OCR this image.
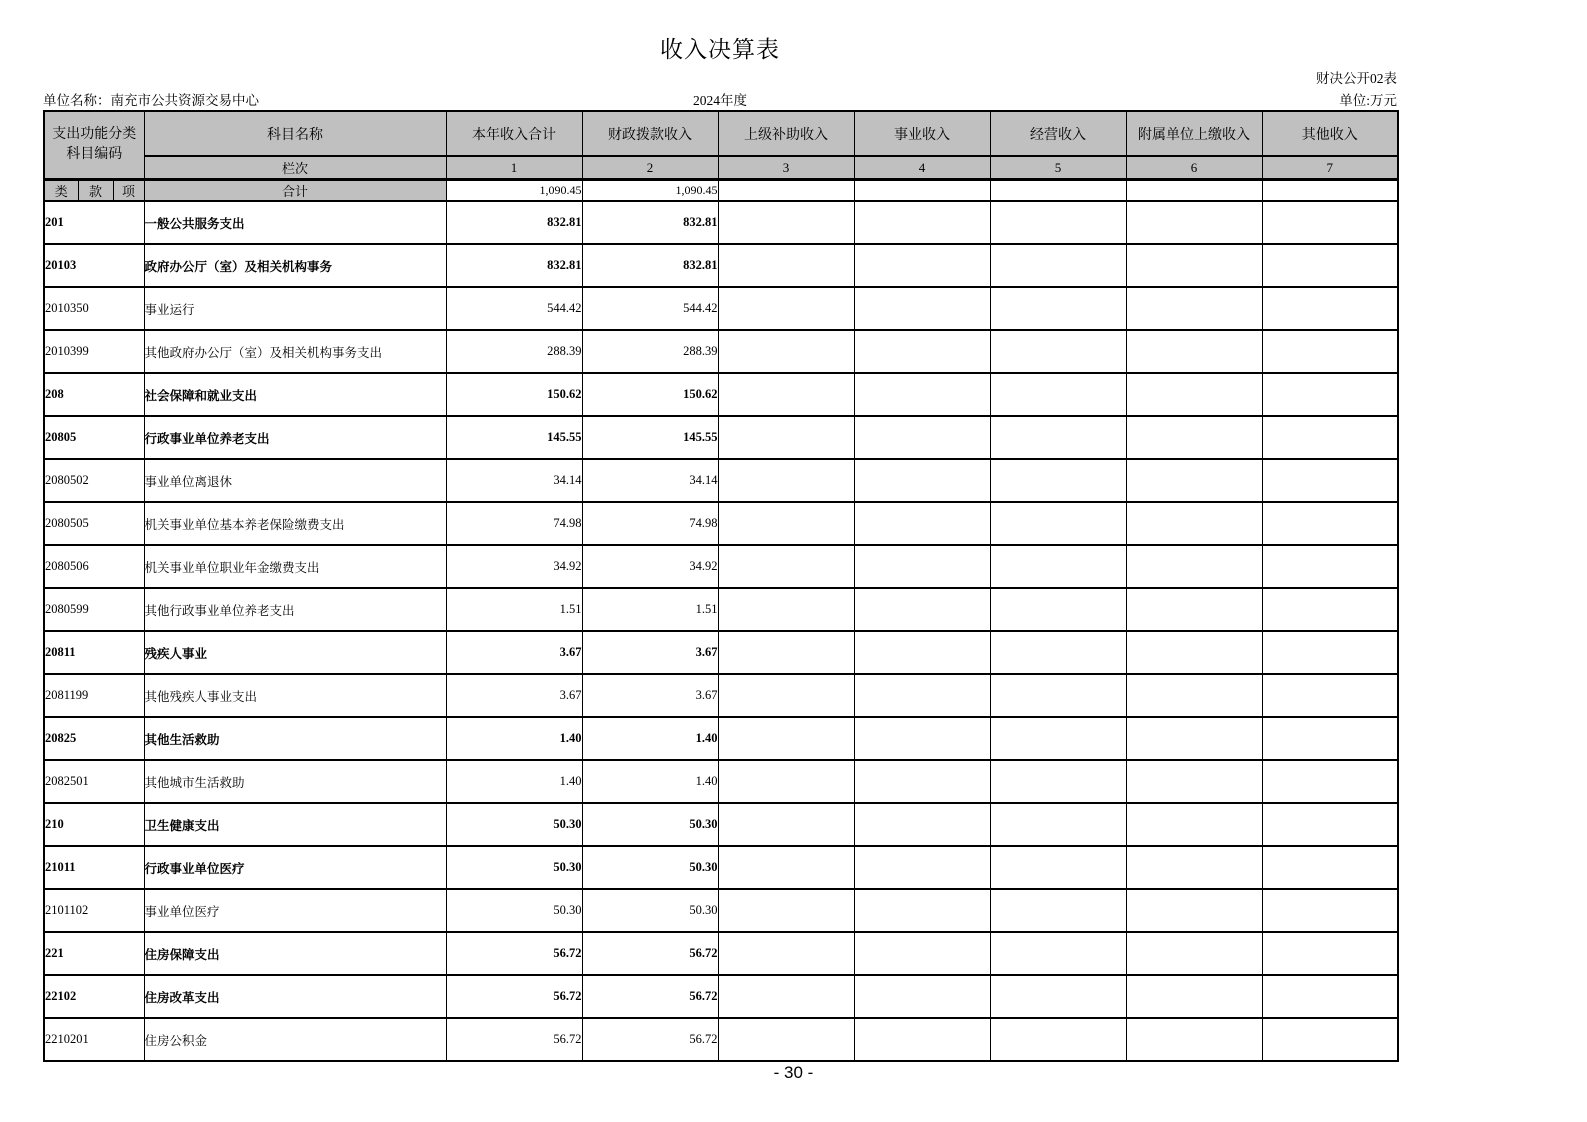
收入决算表
财决公开02表
单位名称：南充市公共资源交易中心	2024年度	单位:万元
支出功能分类
科目编码			科目名称	本年收入合计	财政拨款收入	上级补助收入	事业收入	经营收入	附属单位上缴收入	其他收入
			栏次	1	2	3	4	5	6	7
类	款	项	合计	1,090.45	1,090.45					
201			一般公共服务支出	832.81	832.81					
20103			政府办公厅（室）及相关机构事务	832.81	832.81					
2010350			事业运行	544.42	544.42					
2010399			其他政府办公厅（室）及相关机构事务支出	288.39	288.39					
208			社会保障和就业支出	150.62	150.62					
20805			行政事业单位养老支出	145.55	145.55					
2080502			事业单位离退休	34.14	34.14					
2080505			机关事业单位基本养老保险缴费支出	74.98	74.98					
2080506			机关事业单位职业年金缴费支出	34.92	34.92					
2080599			其他行政事业单位养老支出	1.51	1.51					
20811			残疾人事业	3.67	3.67					
2081199			其他残疾人事业支出	3.67	3.67					
20825			其他生活救助	1.40	1.40					
2082501			其他城市生活救助	1.40	1.40					
210			卫生健康支出	50.30	50.30					
21011			行政事业单位医疗	50.30	50.30					
2101102			事业单位医疗	50.30	50.30					
221			住房保障支出	56.72	56.72					
22102			住房改革支出	56.72	56.72					
2210201			住房公积金	56.72	56.72					
- 30 -
